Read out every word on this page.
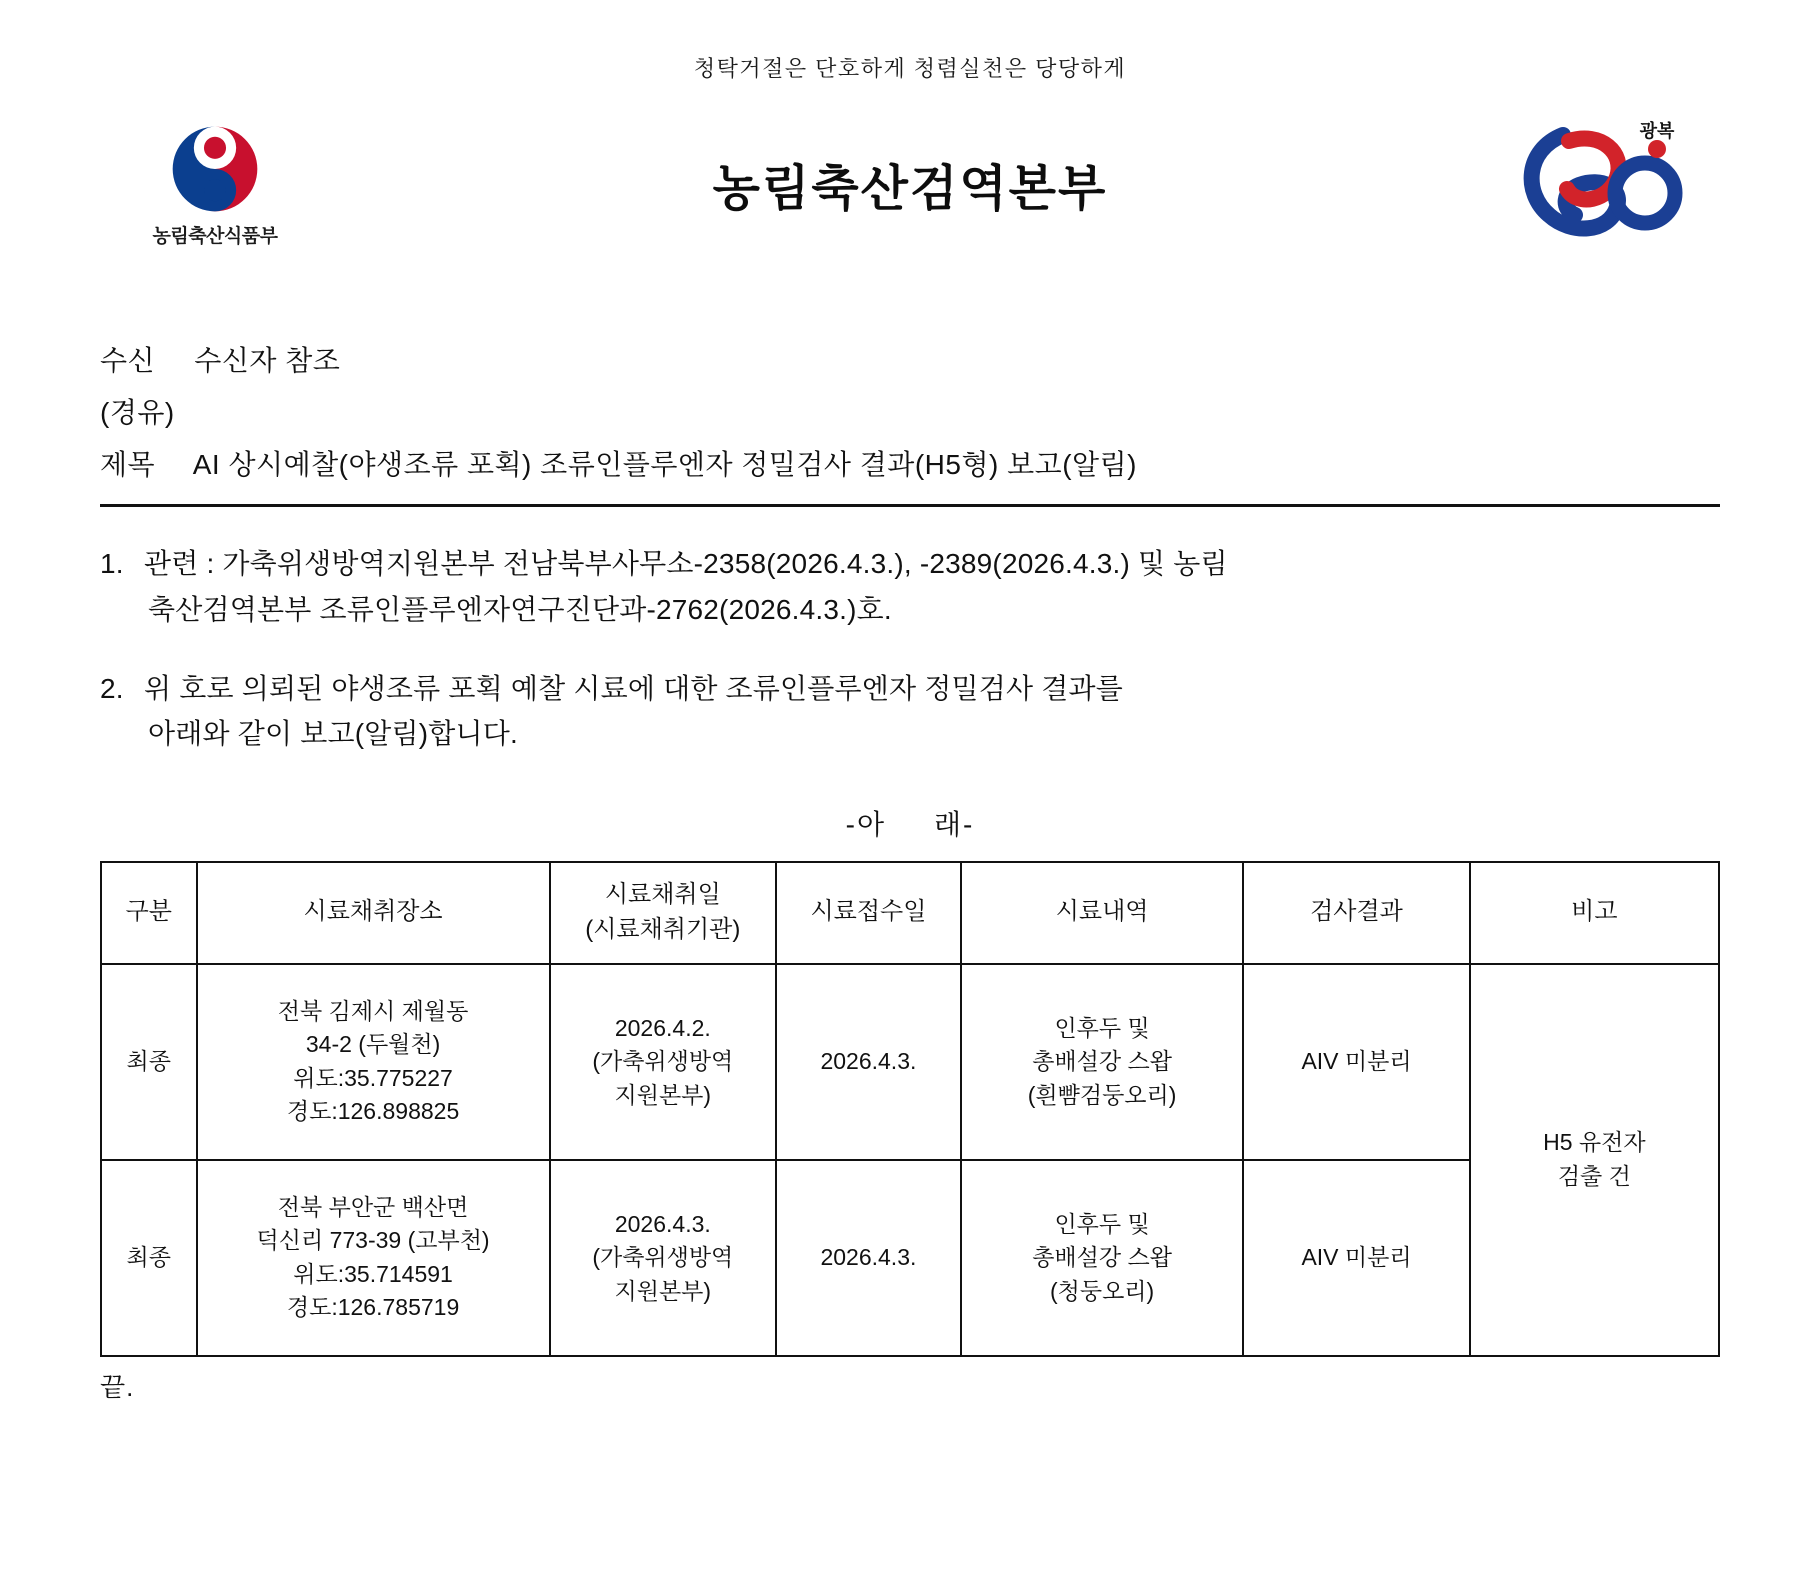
청탁거절은 단호하게 청렴실천은 당당하게
농림축산식품부
농림축산검역본부
광복
수신 수신자 참조
(경유)
제목 AI 상시예찰(야생조류 포획) 조류인플루엔자 정밀검사 결과(H5형) 보고(알림)
1. 관련 : 가축위생방역지원본부 전남북부사무소-2358(2026.4.3.), -2389(2026.4.3.) 및 농림
축산검역본부 조류인플루엔자연구진단과-2762(2026.4.3.)호.
2. 위 호로 의뢰된 야생조류 포획 예찰 시료에 대한 조류인플루엔자 정밀검사 결과를
아래와 같이 보고(알림)합니다.
-아 래-
구분	시료채취장소	시료채취일
(시료채취기관)	시료접수일	시료내역	검사결과	비고
최종	전북 김제시 제월동
34-2 (두월천)
위도:35.775227
경도:126.898825	2026.4.2.
(가축위생방역
지원본부)	2026.4.3.	인후두 및
총배설강 스왑
(흰뺨검둥오리)	AIV 미분리	H5 유전자
검출 건

최종	전북 부안군 백산면
덕신리 773-39 (고부천)
위도:35.714591
경도:126.785719	2026.4.3.
(가축위생방역
지원본부)	2026.4.3.	인후두 및
총배설강 스왑
(청둥오리)	AIV 미분리	
끝.
